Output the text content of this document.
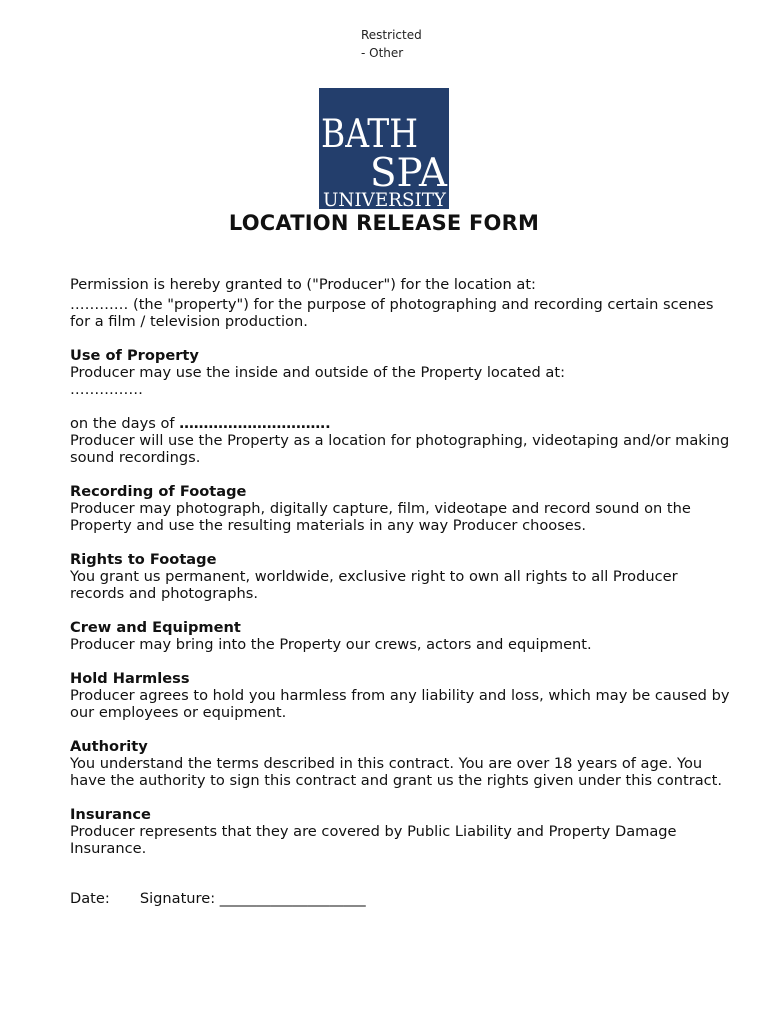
Restricted - Other
BATH
SPA
UNIVERSITY
LOCATION RELEASE FORM

Permission is hereby granted to ("Producer") for the location at:

………… (the "property") for the purpose of photographing and recording certain scenes for a film / television production.

Use of Property

Producer may use the inside and outside of the Property located at:

……………

on the days of ………………………….

Producer will use the Property as a location for photographing, videotaping and/or making sound recordings.

Recording of Footage

Producer may photograph, digitally capture, film, videotape and record sound on the Property and use the resulting materials in any way Producer chooses.

Rights to Footage

You grant us permanent, worldwide, exclusive right to own all rights to all Producer records and photographs.

Crew and Equipment

Producer may bring into the Property our crews, actors and equipment.

Hold Harmless

Producer agrees to hold you harmless from any liability and loss, which may be caused by our employees or equipment.

Authority

You understand the terms described in this contract. You are over 18 years of age. You have the authority to sign this contract and grant us the rights given under this contract.

Insurance

Producer represents that they are covered by Public Liability and Property Damage Insurance.

Date: Signature: ____________________
